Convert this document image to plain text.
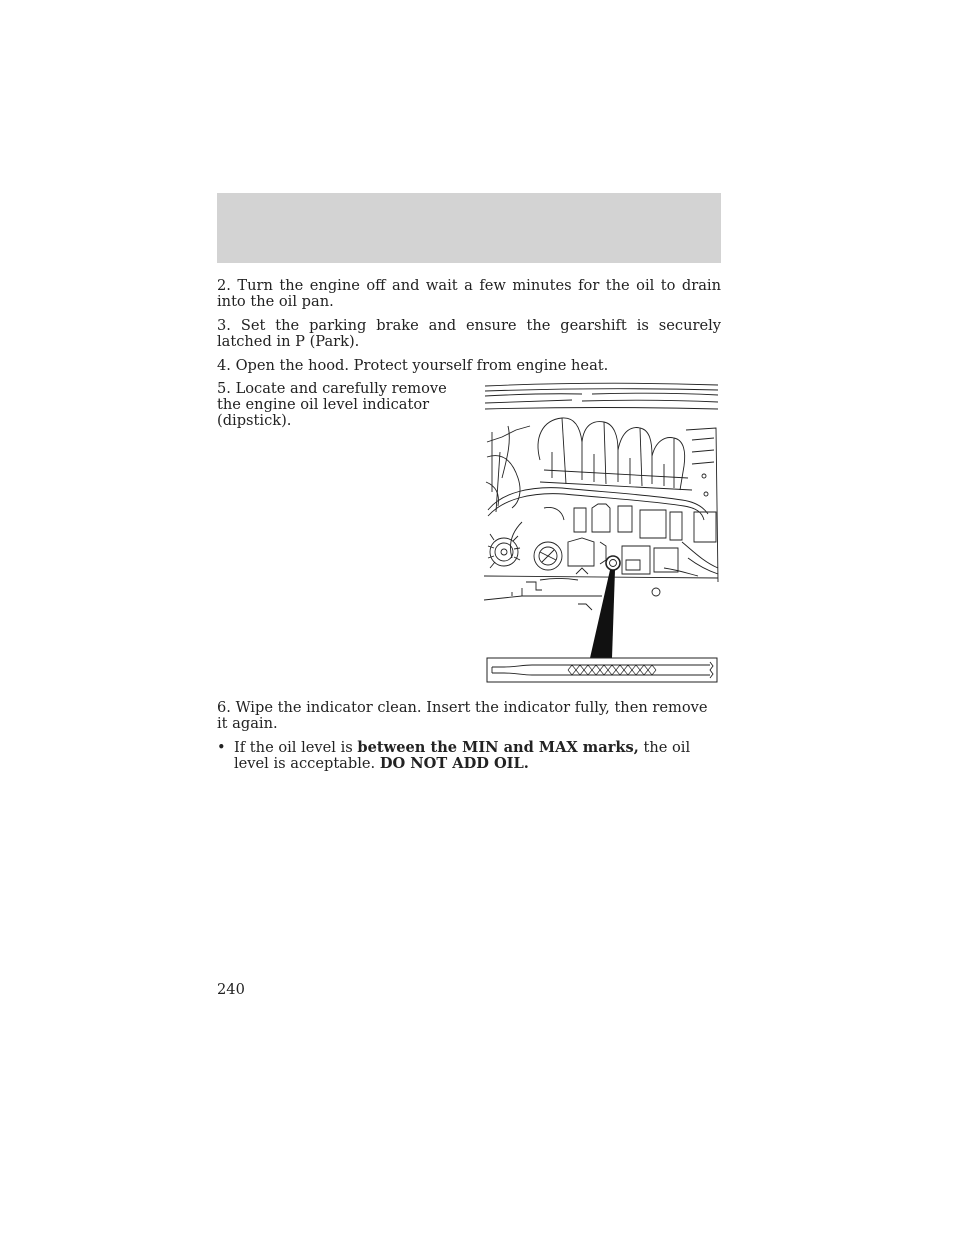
2. Turn the engine off and wait a few minutes for the oil to drain into the oil pan.

3. Set the parking brake and ensure the gearshift is securely latched in P (Park).

4. Open the hood. Protect yourself from engine heat.

5. Locate and carefully remove the engine oil level indicator (dipstick).

6. Wipe the indicator clean. Insert the indicator fully, then remove it again.

• If the oil level is between the MIN and MAX marks, the oil level is acceptable. DO NOT ADD OIL.
240
